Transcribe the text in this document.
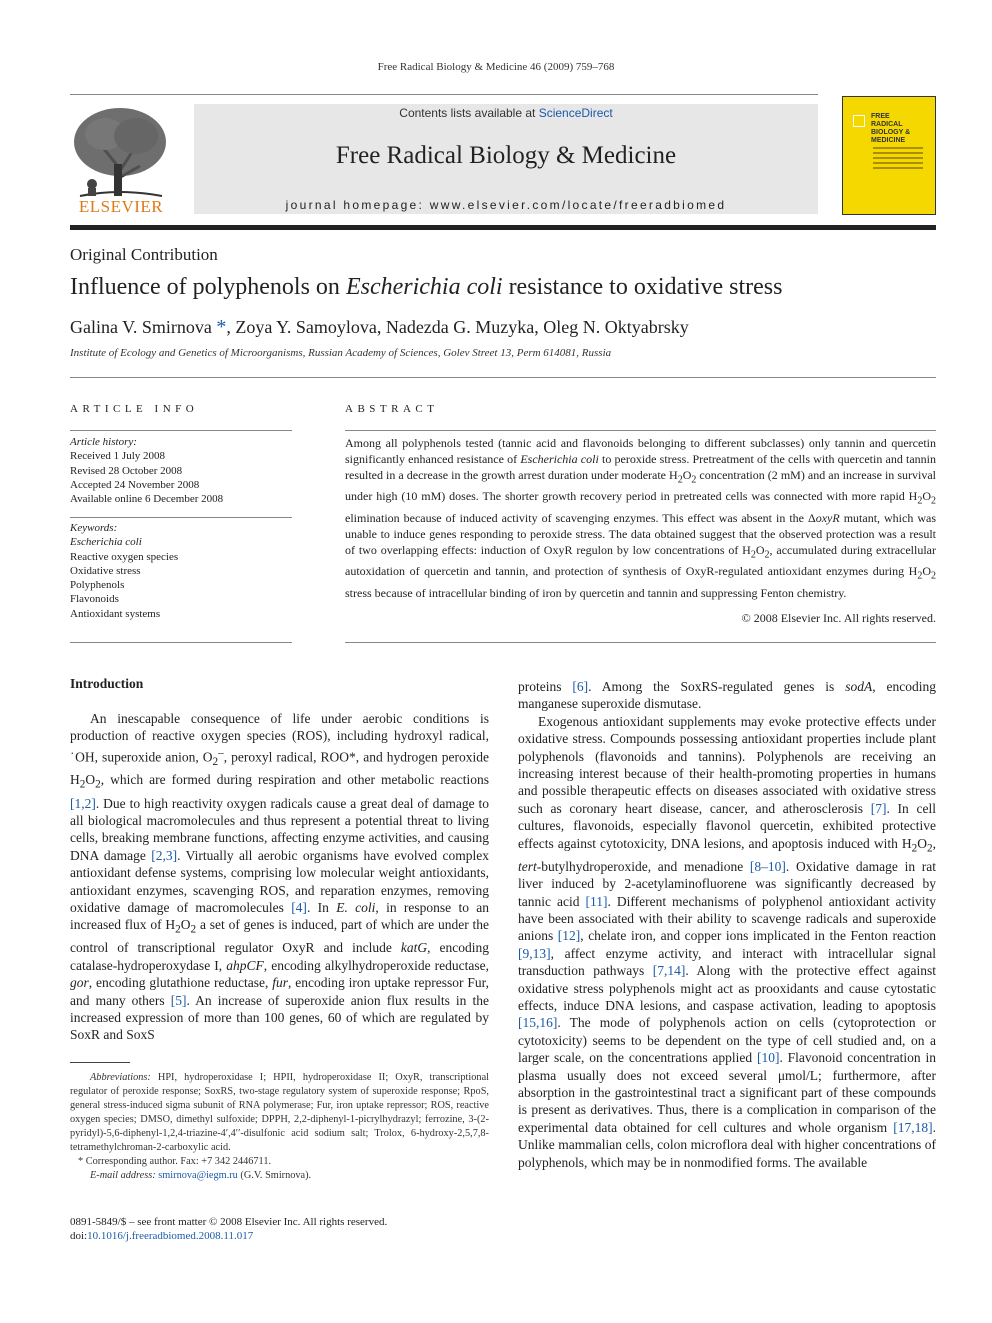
Free Radical Biology & Medicine 46 (2009) 759–768
ELSEVIER
Contents lists available at ScienceDirect
Free Radical Biology & Medicine
journal homepage: www.elsevier.com/locate/freeradbiomed
FREE RADICAL BIOLOGY & MEDICINE
Original Contribution
Influence of polyphenols on Escherichia coli resistance to oxidative stress
Galina V. Smirnova *, Zoya Y. Samoylova, Nadezda G. Muzyka, Oleg N. Oktyabrsky
Institute of Ecology and Genetics of Microorganisms, Russian Academy of Sciences, Golev Street 13, Perm 614081, Russia
ARTICLE INFO
Article history:
Received 1 July 2008
Revised 28 October 2008
Accepted 24 November 2008
Available online 6 December 2008
Keywords:
Escherichia coli
Reactive oxygen species
Oxidative stress
Polyphenols
Flavonoids
Antioxidant systems
ABSTRACT
Among all polyphenols tested (tannic acid and flavonoids belonging to different subclasses) only tannin and quercetin significantly enhanced resistance of Escherichia coli to peroxide stress. Pretreatment of the cells with quercetin and tannin resulted in a decrease in the growth arrest duration under moderate $H_2O_2$ concentration (2 mM) and an increase in survival under high (10 mM) doses. The shorter growth recovery period in pretreated cells was connected with more rapid $H_2O_2$ elimination because of induced activity of scavenging enzymes. This effect was absent in the ΔoxyR mutant, which was unable to induce genes responding to peroxide stress. The data obtained suggest that the observed protection was a result of two overlapping effects: induction of OxyR regulon by low concentrations of $H_2O_2$, accumulated during extracellular autoxidation of quercetin and tannin, and protection of synthesis of OxyR-regulated antioxidant enzymes during $H_2O_2$ stress because of intracellular binding of iron by quercetin and tannin and suppressing Fenton chemistry.
© 2008 Elsevier Inc. All rights reserved.
Introduction

An inescapable consequence of life under aerobic conditions is production of reactive oxygen species (ROS), including hydroxyl radical, ˙OH, superoxide anion, $O_2^-$, peroxyl radical, ROO*, and hydrogen peroxide $H_2O_2$, which are formed during respiration and other metabolic reactions [1,2]. Due to high reactivity oxygen radicals cause a great deal of damage to all biological macromolecules and thus represent a potential threat to living cells, breaking membrane functions, affecting enzyme activities, and causing DNA damage [2,3]. Virtually all aerobic organisms have evolved complex antioxidant defense systems, comprising low molecular weight antioxidants, antioxidant enzymes, scavenging ROS, and reparation enzymes, removing oxidative damage of macromolecules [4]. In E. coli, in response to an increased flux of $H_2O_2$ a set of genes is induced, part of which are under the control of transcriptional regulator OxyR and include katG, encoding catalase-hydroperoxydase I, ahpCF, encoding alkylhydroperoxide reductase, gor, encoding glutathione reductase, fur, encoding iron uptake repressor Fur, and many others [5]. An increase of superoxide anion flux results in the increased expression of more than 100 genes, 60 of which are regulated by SoxR and SoxS

proteins [6]. Among the SoxRS-regulated genes is sodA, encoding manganese superoxide dismutase.

Exogenous antioxidant supplements may evoke protective effects under oxidative stress. Compounds possessing antioxidant properties include plant polyphenols (flavonoids and tannins). Polyphenols are receiving an increasing interest because of their health-promoting properties in humans and possible therapeutic effects on diseases associated with oxidative stress such as coronary heart disease, cancer, and atherosclerosis [7]. In cell cultures, flavonoids, especially flavonol quercetin, exhibited protective effects against cytotoxicity, DNA lesions, and apoptosis induced with $H_2O_2$, tert-butylhydroperoxide, and menadione [8–10]. Oxidative damage in rat liver induced by 2-acetylaminofluorene was significantly decreased by tannic acid [11]. Different mechanisms of polyphenol antioxidant activity have been associated with their ability to scavenge radicals and superoxide anions [12], chelate iron, and copper ions implicated in the Fenton reaction [9,13], affect enzyme activity, and interact with intracellular signal transduction pathways [7,14]. Along with the protective effect against oxidative stress polyphenols might act as prooxidants and cause cytostatic effects, induce DNA lesions, and caspase activation, leading to apoptosis [15,16]. The mode of polyphenols action on cells (cytoprotection or cytotoxicity) seems to be dependent on the type of cell studied and, on a larger scale, on the concentrations applied [10]. Flavonoid concentration in plasma usually does not exceed several μmol/L; furthermore, after absorption in the gastrointestinal tract a significant part of these compounds is present as derivatives. Thus, there is a complication in comparison of the experimental data obtained for cell cultures and whole organism [17,18]. Unlike mammalian cells, colon microflora deal with higher concentrations of polyphenols, which may be in nonmodified forms. The available

Abbreviations: HPI, hydroperoxidase I; HPII, hydroperoxidase II; OxyR, transcriptional regulator of peroxide response; SoxRS, two-stage regulatory system of superoxide response; RpoS, general stress-induced sigma subunit of RNA polymerase; Fur, iron uptake repressor; ROS, reactive oxygen species; DMSO, dimethyl sulfoxide; DPPH, 2,2-diphenyl-1-picrylhydrazyl; ferrozine, 3-(2-pyridyl)-5,6-diphenyl-1,2,4-triazine-4′,4′′-disulfonic acid sodium salt; Trolox, 6-hydroxy-2,5,7,8-tetramethylchroman-2-carboxylic acid.

* Corresponding author. Fax: +7 342 2446711.

E-mail address: smirnova@iegm.ru (G.V. Smirnova).

0891-5849/$ – see front matter © 2008 Elsevier Inc. All rights reserved.
doi:10.1016/j.freeradbiomed.2008.11.017
